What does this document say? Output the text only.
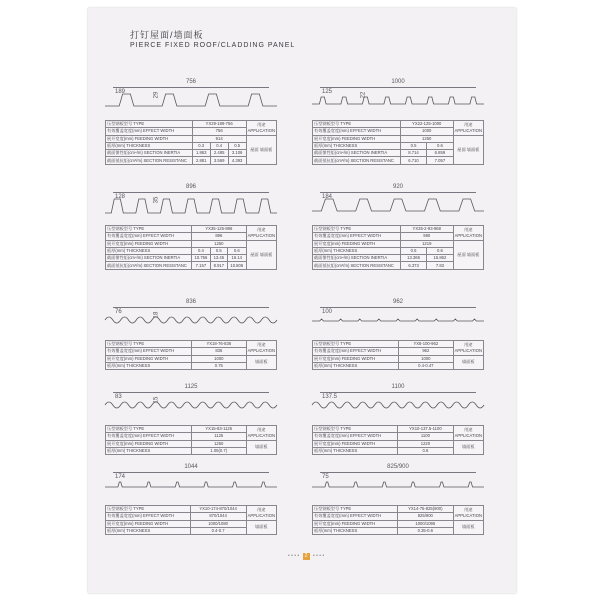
打钉屋面/墙面板
PIERCE FIXED ROOF/CLADDING PANEL
756
189	29
压型钢板型号 TYPE	YX29-189-756			用途 APPLICATION
有效覆盖宽度(mm) EFFECT WIDTH	756			
展开宽度(mm) FEEDING WIDTH	914			屋面 墙面板
板厚(mm) THICKNESS	0.3	0.4	0.5	
截面惯性矩(cm⁴/m) SECTION INERTIA	1.863	2.485	3.106	
截面抵抗矩(cm³/m) SECTION RESISTANC	2.881	3.569	4.393	
1000
125	22
压型钢板型号 TYPE	YX22-125-1000		用途 APPLICATION
有效覆盖宽度(mm) EFFECT WIDTH	1000		
展开宽度(mm) FEEDING WIDTH	1250		屋面 墙面板
板厚(mm) THICKNESS	0.5	0.6	
截面惯性矩(cm⁴/m) SECTION INERTIA	8.714	6.859	
截面抵抗矩(cm³/m) SECTION RESISTANC	6.710	7.057	
896
128	35
压型钢板型号 TYPE	YX35-125-896			用途 APPLICATION
有效覆盖宽度(mm) EFFECT WIDTH	896			
展开宽度(mm) FEEDING WIDTH	1250			屋面 墙面板
板厚(mm) THICKNESS	0.4	0.5	0.6	
截面惯性矩(cm⁴/m) SECTION INERTIA	10.756	13.45	16.14	
截面抵抗矩(cm³/m) SECTION RESISTANC	7.157	8.917	10.806	
920
184
压型钢板型号 TYPE	YX35-2-93-968		用途 APPLICATION
有效覆盖宽度(mm) EFFECT WIDTH	980		
展开宽度(mm) FEEDING WIDTH	1219		屋面 墙面板
板厚(mm) THICKNESS	0.5	0.6	
截面惯性矩(cm⁴/m) SECTION INERTIA	13.366	15.862	
截面抵抗矩(cm³/m) SECTION RESISTANC	6.373	7.83	
836
76	18
压型钢板型号 TYPE	YX18-76-836	用途 APPLICATION
有效覆盖宽度(mm) EFFECT WIDTH	836	
展开宽度(mm) FEEDING WIDTH	1000	墙面板
板厚(mm) THICKNESS	0.75	
962
100
压型钢板型号 TYPE	YX8-100-962	用途 APPLICATION
有效覆盖宽度(mm) EFFECT WIDTH	962	
展开宽度(mm) FEEDING WIDTH	1000	墙面板
板厚(mm) THICKNESS	0.4-0.47	
1125
83	15
压型钢板型号 TYPE	YX15-83-1125	用途 APPLICATION
有效覆盖宽度(mm) EFFECT WIDTH	1125	
展开宽度(mm) FEEDING WIDTH	1250	墙面板
板厚(mm) THICKNESS	1.05(0.7)	
1100
137.5
压型钢板型号 TYPE	YX10-137.5-1100	用途 APPLICATION
有效覆盖宽度(mm) EFFECT WIDTH	1100	
展开宽度(mm) FEEDING WIDTH	1220	墙面板
板厚(mm) THICKNESS	0.6	
1044
174
压型钢板型号 TYPE	YX10-174-870/1044	用途 APPLICATION
有效覆盖宽度(mm) EFFECT WIDTH	870/1044	
展开宽度(mm) FEEDING WIDTH	1000/1080	墙面板
板厚(mm) THICKNESS	0.4-0.7	
825/900
75
压型钢板型号 TYPE	YX14-75-825(900)	用途 APPLICATION
有效覆盖宽度(mm) EFFECT WIDTH	825/900	
展开宽度(mm) FEEDING WIDTH	1000/1095	墙面板
板厚(mm) THICKNESS	0.35-0.6	
• • • • 2 • • • •
